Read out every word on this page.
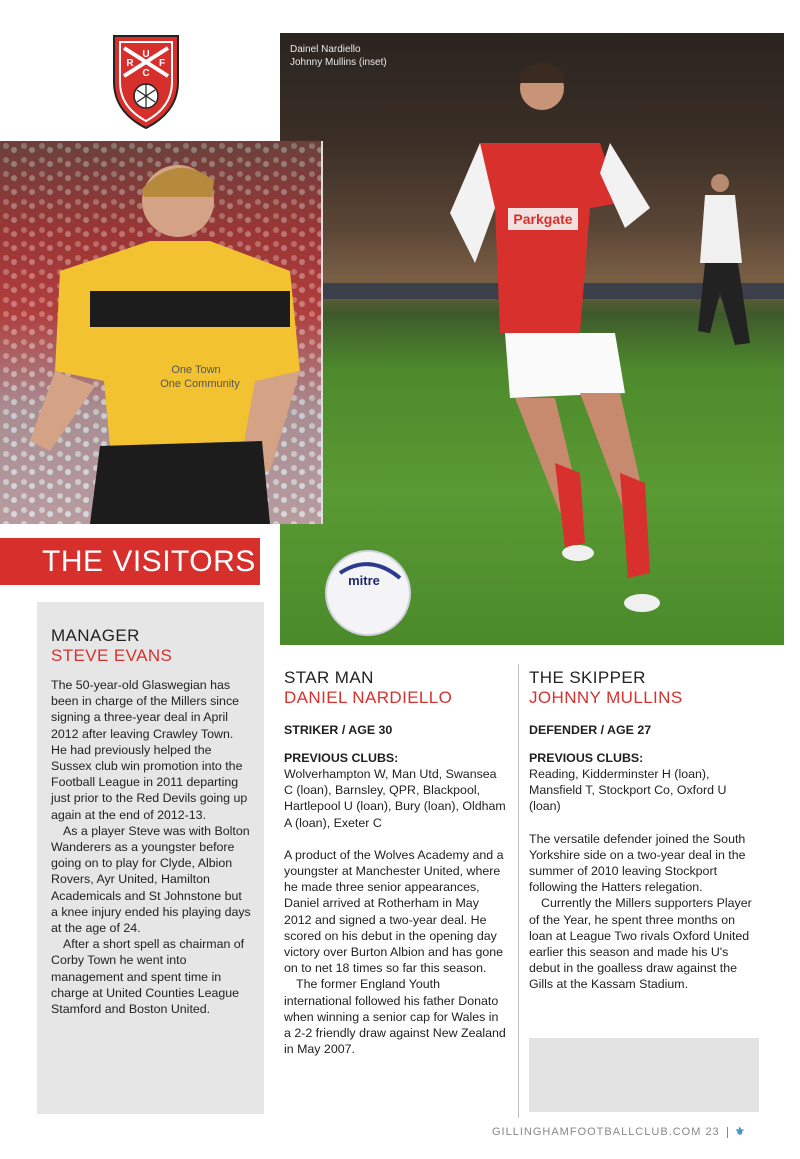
U
R	F
C
Parkgate
mitre
Dainel Nardiello
Johnny Mullins (inset)
One Town
One Community
THE VISITORS
MANAGER
STEVE EVANS

The 50-year-old Glaswegian has been in charge of the Millers since signing a three-year deal in April 2012 after leaving Crawley Town. He had previously helped the Sussex club win promotion into the Football League in 2011 departing just prior to the Red Devils going up again at the end of 2012-13.

As a player Steve was with Bolton Wanderers as a youngster before going on to play for Clyde, Albion Rovers, Ayr United, Hamilton Academicals and St Johnstone but a knee injury ended his playing days at the age of 24.

After a short spell as chairman of Corby Town he went into management and spent time in charge at United Counties League Stamford and Boston United.

STAR MAN
DANIEL NARDIELLO
STRIKER / AGE 30
PREVIOUS CLUBS:
Wolverhampton W, Man Utd, Swansea C (loan), Barnsley, QPR, Blackpool, Hartlepool U (loan), Bury (loan), Oldham A (loan), Exeter C

A product of the Wolves Academy and a youngster at Manchester United, where he made three senior appearances, Daniel arrived at Rotherham in May 2012 and signed a two-year deal. He scored on his debut in the opening day victory over Burton Albion and has gone on to net 18 times so far this season.

The former England Youth international followed his father Donato when winning a senior cap for Wales in a 2-2 friendly draw against New Zealand in May 2007.

THE SKIPPER
JOHNNY MULLINS
DEFENDER / AGE 27
PREVIOUS CLUBS:
Reading, Kidderminster H (loan), Mansfield T, Stockport Co, Oxford U (loan)

The versatile defender joined the South Yorkshire side on a two-year deal in the summer of 2010 leaving Stockport following the Hatters relegation.

Currently the Millers supporters Player of the Year, he spent three months on loan at League Two rivals Oxford United earlier this season and made his U's debut in the goalless draw against the Gills at the Kassam Stadium.

GILLINGHAMFOOTBALLCLUB.COM 23 ⚜
